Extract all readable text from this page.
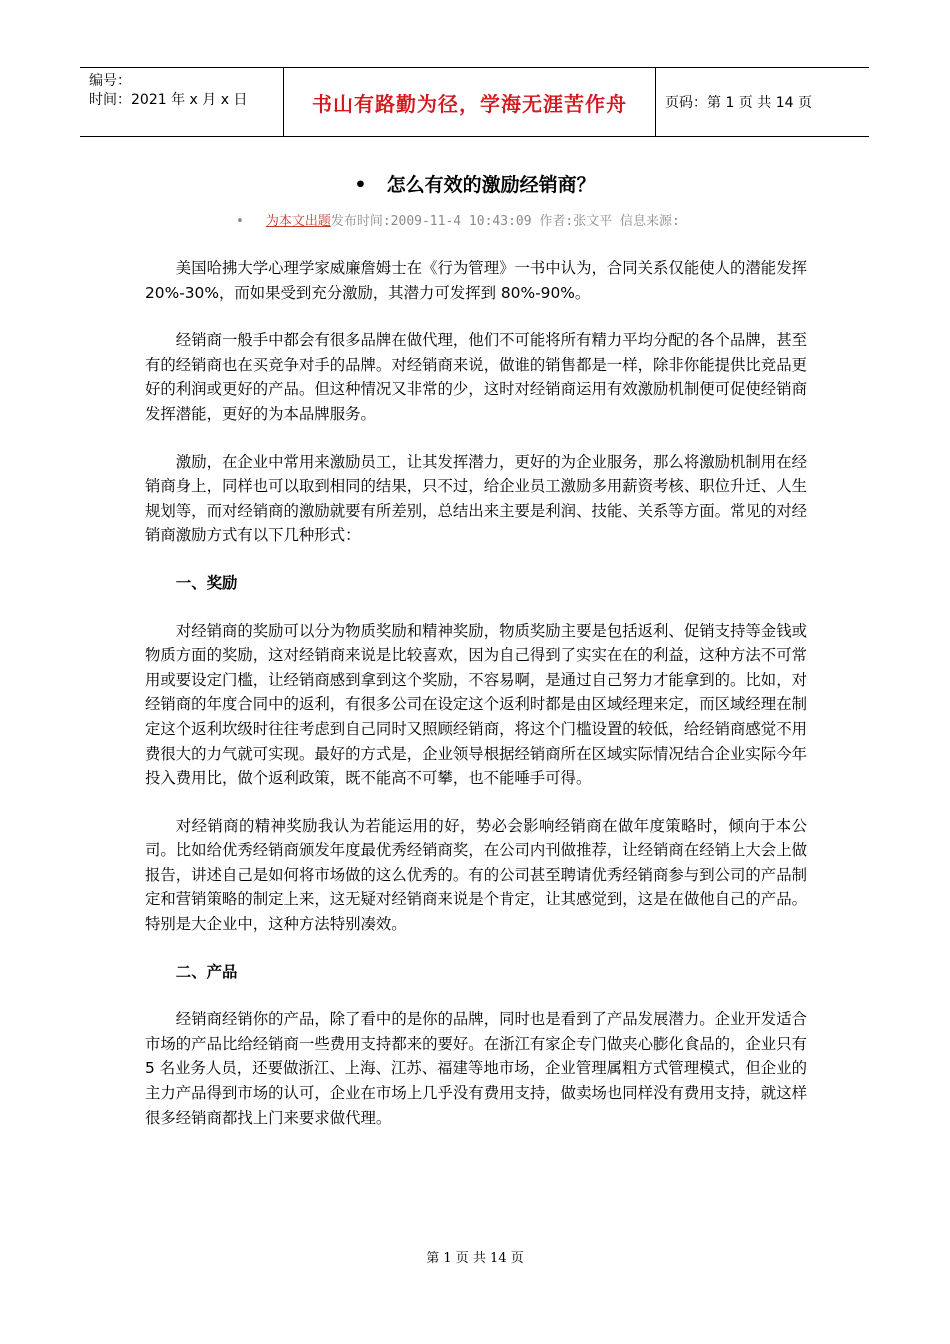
编号：
时间：2021 年 x 月 x 日	书山有路勤为径，学海无涯苦作舟	页码：第 1 页 共 14 页
• 怎么有效的激励经销商？
• 为本文出题发布时间:2009-11-4 10:43:09 作者:张文平 信息来源:

美国哈拂大学心理学家威廉詹姆士在《行为管理》一书中认为，合同关系仅能使人的潜能发挥 20%-30%，而如果受到充分激励，其潜力可发挥到 80%-90%。

经销商一般手中都会有很多品牌在做代理，他们不可能将所有精力平均分配的各个品牌，甚至有的经销商也在买竞争对手的品牌。对经销商来说，做谁的销售都是一样，除非你能提供比竞品更好的利润或更好的产品。但这种情况又非常的少，这时对经销商运用有效激励机制便可促使经销商发挥潜能，更好的为本品牌服务。

激励，在企业中常用来激励员工，让其发挥潜力，更好的为企业服务，那么将激励机制用在经销商身上，同样也可以取到相同的结果，只不过，给企业员工激励多用薪资考核、职位升迁、人生规划等，而对经销商的激励就要有所差别，总结出来主要是利润、技能、关系等方面。常见的对经销商激励方式有以下几种形式：

一、奖励

对经销商的奖励可以分为物质奖励和精神奖励，物质奖励主要是包括返利、促销支持等金钱或物质方面的奖励，这对经销商来说是比较喜欢，因为自己得到了实实在在的利益，这种方法不可常用或要设定门槛，让经销商感到拿到这个奖励，不容易啊，是通过自己努力才能拿到的。比如，对经销商的年度合同中的返利，有很多公司在设定这个返利时都是由区域经理来定，而区域经理在制定这个返利坎级时往往考虑到自己同时又照顾经销商，将这个门槛设置的较低，给经销商感觉不用费很大的力气就可实现。最好的方式是，企业领导根据经销商所在区域实际情况结合企业实际今年投入费用比，做个返利政策，既不能高不可攀，也不能唾手可得。

对经销商的精神奖励我认为若能运用的好，势必会影响经销商在做年度策略时，倾向于本公司。比如给优秀经销商颁发年度最优秀经销商奖，在公司内刊做推荐，让经销商在经销上大会上做报告，讲述自己是如何将市场做的这么优秀的。有的公司甚至聘请优秀经销商参与到公司的产品制定和营销策略的制定上来，这无疑对经销商来说是个肯定，让其感觉到，这是在做他自己的产品。特别是大企业中，这种方法特别凑效。

二、产品

经销商经销你的产品，除了看中的是你的品牌，同时也是看到了产品发展潜力。企业开发适合市场的产品比给经销商一些费用支持都来的要好。在浙江有家企专门做夹心膨化食品的，企业只有 5 名业务人员，还要做浙江、上海、江苏、福建等地市场，企业管理属粗方式管理模式，但企业的主力产品得到市场的认可，企业在市场上几乎没有费用支持，做卖场也同样没有费用支持，就这样很多经销商都找上门来要求做代理。

第 1 页 共 14 页
